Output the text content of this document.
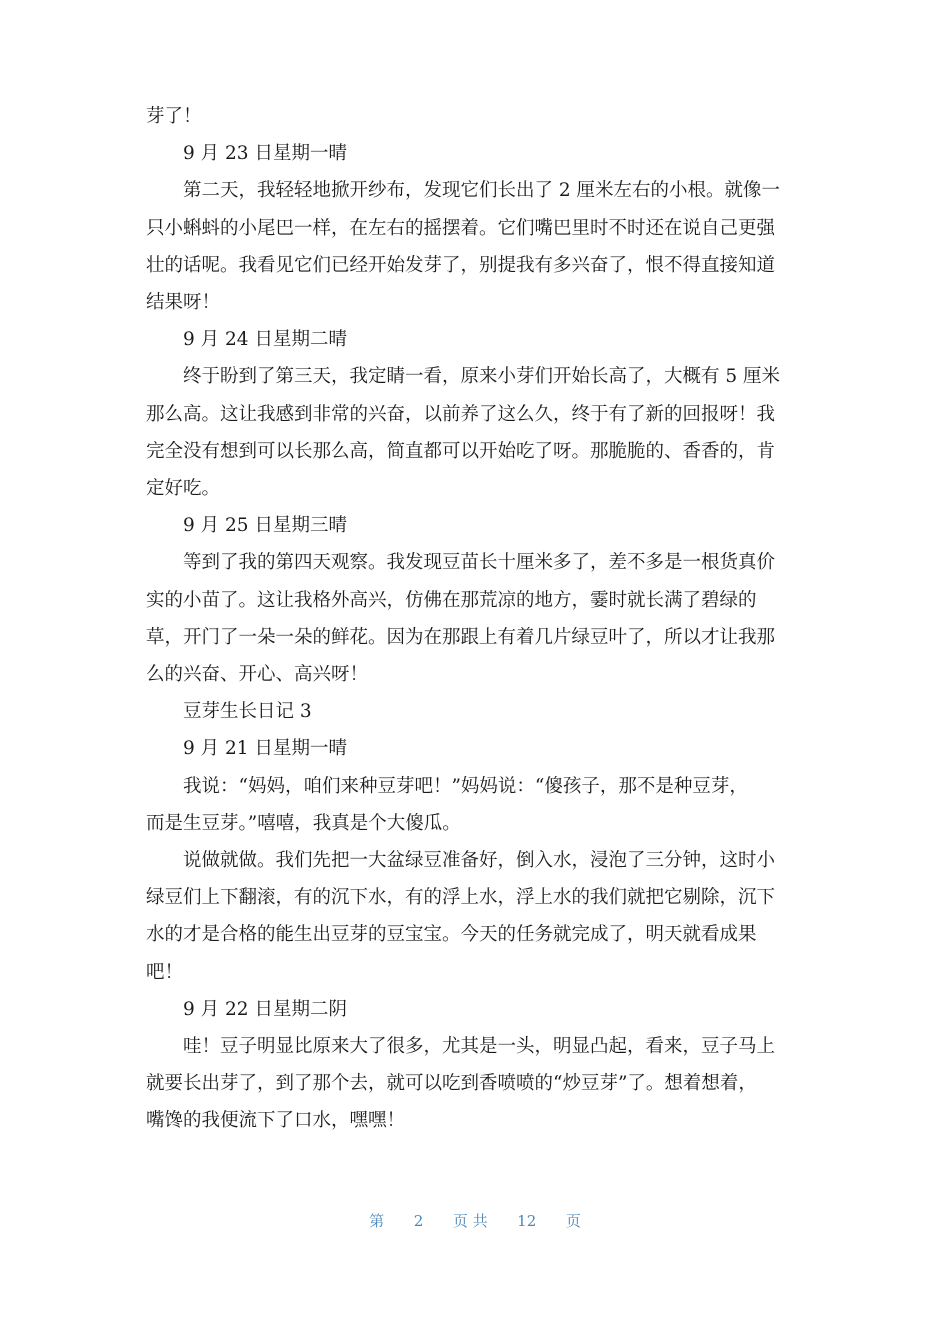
芽了！
9 月 23 日星期一晴
第二天，我轻轻地掀开纱布，发现它们长出了 2 厘米左右的小根。就像一
只小蝌蚪的小尾巴一样，在左右的摇摆着。它们嘴巴里时不时还在说自己更强
壮的话呢。我看见它们已经开始发芽了，别提我有多兴奋了，恨不得直接知道
结果呀！
9 月 24 日星期二晴
终于盼到了第三天，我定睛一看，原来小芽们开始长高了，大概有 5 厘米
那么高。这让我感到非常的兴奋，以前养了这么久，终于有了新的回报呀！我
完全没有想到可以长那么高，简直都可以开始吃了呀。那脆脆的、香香的，肯
定好吃。
9 月 25 日星期三晴
等到了我的第四天观察。我发现豆苗长十厘米多了，差不多是一根货真价
实的小苗了。这让我格外高兴，仿佛在那荒凉的地方，霎时就长满了碧绿的
草，开门了一朵一朵的鲜花。因为在那跟上有着几片绿豆叶了，所以才让我那
么的兴奋、开心、高兴呀！
豆芽生长日记 3
9 月 21 日星期一晴
我说：“妈妈，咱们来种豆芽吧！”妈妈说：“傻孩子，那不是种豆芽，
而是生豆芽。”嘻嘻，我真是个大傻瓜。
说做就做。我们先把一大盆绿豆准备好，倒入水，浸泡了三分钟，这时小
绿豆们上下翻滚，有的沉下水，有的浮上水，浮上水的我们就把它剔除，沉下
水的才是合格的能生出豆芽的豆宝宝。今天的任务就完成了，明天就看成果
吧！
9 月 22 日星期二阴
哇！豆子明显比原来大了很多，尤其是一头，明显凸起，看来，豆子马上
就要长出芽了，到了那个去，就可以吃到香喷喷的“炒豆芽”了。想着想着，
嘴馋的我便流下了口水，嘿嘿！
第 2 页 共 12 页
